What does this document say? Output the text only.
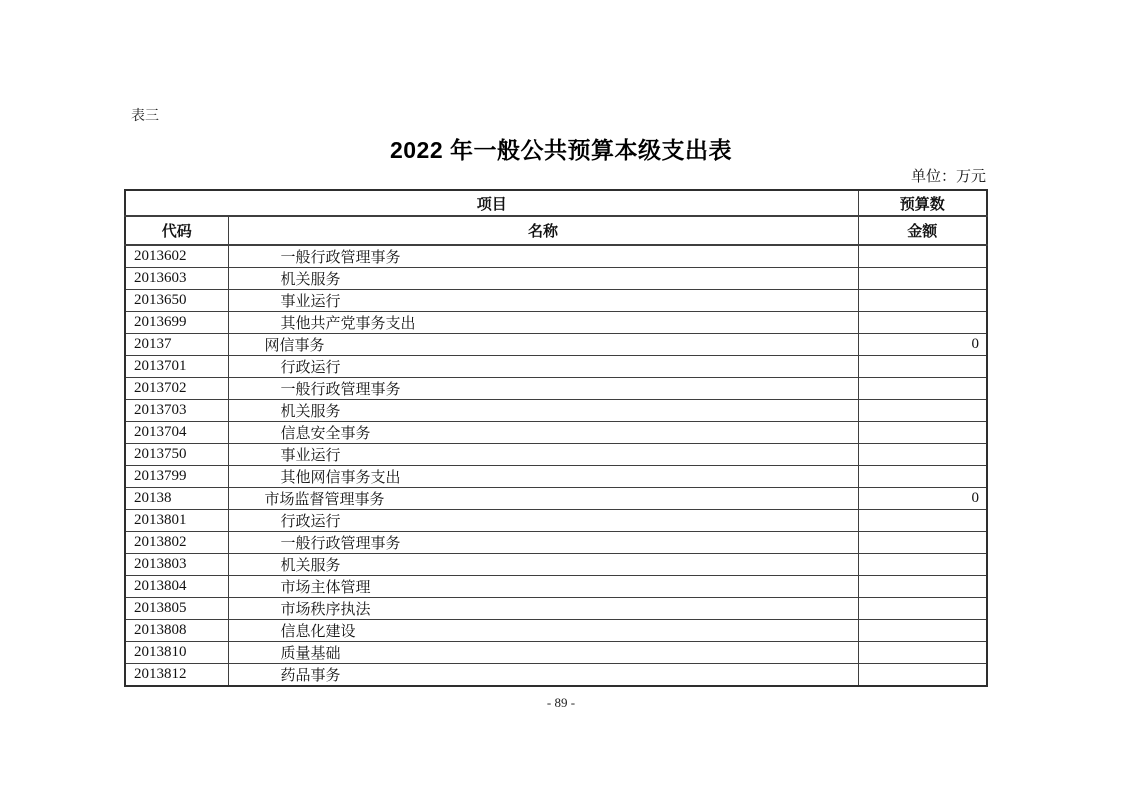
表三
2022 年一般公共预算本级支出表
单位：万元
项目		预算数
代码	名称	金额
2013602	一般行政管理事务	
2013603	机关服务	
2013650	事业运行	
2013699	其他共产党事务支出	
20137	网信事务	0
2013701	行政运行	
2013702	一般行政管理事务	
2013703	机关服务	
2013704	信息安全事务	
2013750	事业运行	
2013799	其他网信事务支出	
20138	市场监督管理事务	0
2013801	行政运行	
2013802	一般行政管理事务	
2013803	机关服务	
2013804	市场主体管理	
2013805	市场秩序执法	
2013808	信息化建设	
2013810	质量基础	
2013812	药品事务	
- 89 -
